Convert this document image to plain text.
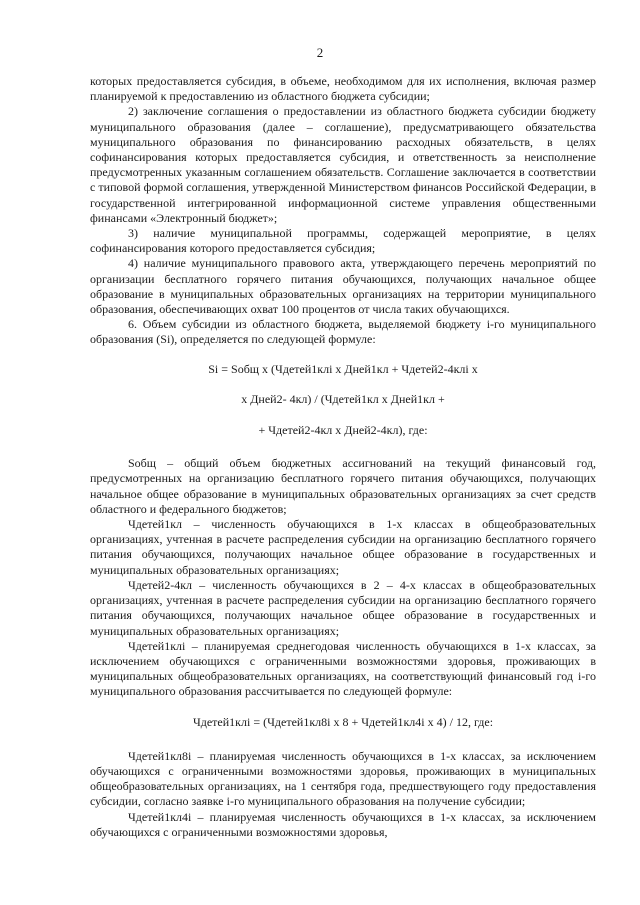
2

которых предоставляется субсидия, в объеме, необходимом для их исполнения, включая размер планируемой к предоставлению из областного бюджета субсидии;

2) заключение соглашения о предоставлении из областного бюджета субсидии бюджету муниципального образования (далее – соглашение), предусматривающего обязательства муниципального образования по финансированию расходных обязательств, в целях софинансирования которых предоставляется субсидия, и ответственность за неисполнение предусмотренных указанным соглашением обязательств. Соглашение заключается в соответствии с типовой формой соглашения, утвержденной Министерством финансов Российской Федерации, в государственной интегрированной информационной системе управления общественными финансами «Электронный бюджет»;

3) наличие муниципальной программы, содержащей мероприятие, в целях софинансирования которого предоставляется субсидия;

4) наличие муниципального правового акта, утверждающего перечень мероприятий по организации бесплатного горячего питания обучающихся, получающих начальное общее образование в муниципальных образовательных организациях на территории муниципального образования, обеспечивающих охват 100 процентов от числа таких обучающихся.

6. Объем субсидии из областного бюджета, выделяемой бюджету i-го муниципального образования (Si), определяется по следующей формуле:

Si = Sобщ х (Чдетей1клi х Дней1кл + Чдетей2-4клi х

х Дней2- 4кл) / (Чдетей1кл х Дней1кл +

+ Чдетей2-4кл х Дней2-4кл), где:

Sобщ – общий объем бюджетных ассигнований на текущий финансовый год, предусмотренных на организацию бесплатного горячего питания обучающихся, получающих начальное общее образование в муниципальных образовательных организациях за счет средств областного и федерального бюджетов;

Чдетей1кл – численность обучающихся в 1-х классах в общеобразовательных организациях, учтенная в расчете распределения субсидии на организацию бесплатного горячего питания обучающихся, получающих начальное общее образование в государственных и муниципальных образовательных организациях;

Чдетей2-4кл – численность обучающихся в 2 – 4-х классах в общеобразовательных организациях, учтенная в расчете распределения субсидии на организацию бесплатного горячего питания обучающихся, получающих начальное общее образование в государственных и муниципальных образовательных организациях;

Чдетей1клi – планируемая среднегодовая численность обучающихся в 1-х классах, за исключением обучающихся с ограниченными возможностями здоровья, проживающих в муниципальных общеобразовательных организациях, на соответствующий финансовый год i-го муниципального образования рассчитывается по следующей формуле:

Чдетей1клi = (Чдетей1кл8i х 8 + Чдетей1кл4i х 4) / 12, где:

Чдетей1кл8i – планируемая численность обучающихся в 1-х классах, за исключением обучающихся с ограниченными возможностями здоровья, проживающих в муниципальных общеобразовательных организациях, на 1 сентября года, предшествующего году предоставления субсидии, согласно заявке i-го муниципального образования на получение субсидии;

Чдетей1кл4i – планируемая численность обучающихся в 1-х классах, за исключением обучающихся с ограниченными возможностями здоровья,
